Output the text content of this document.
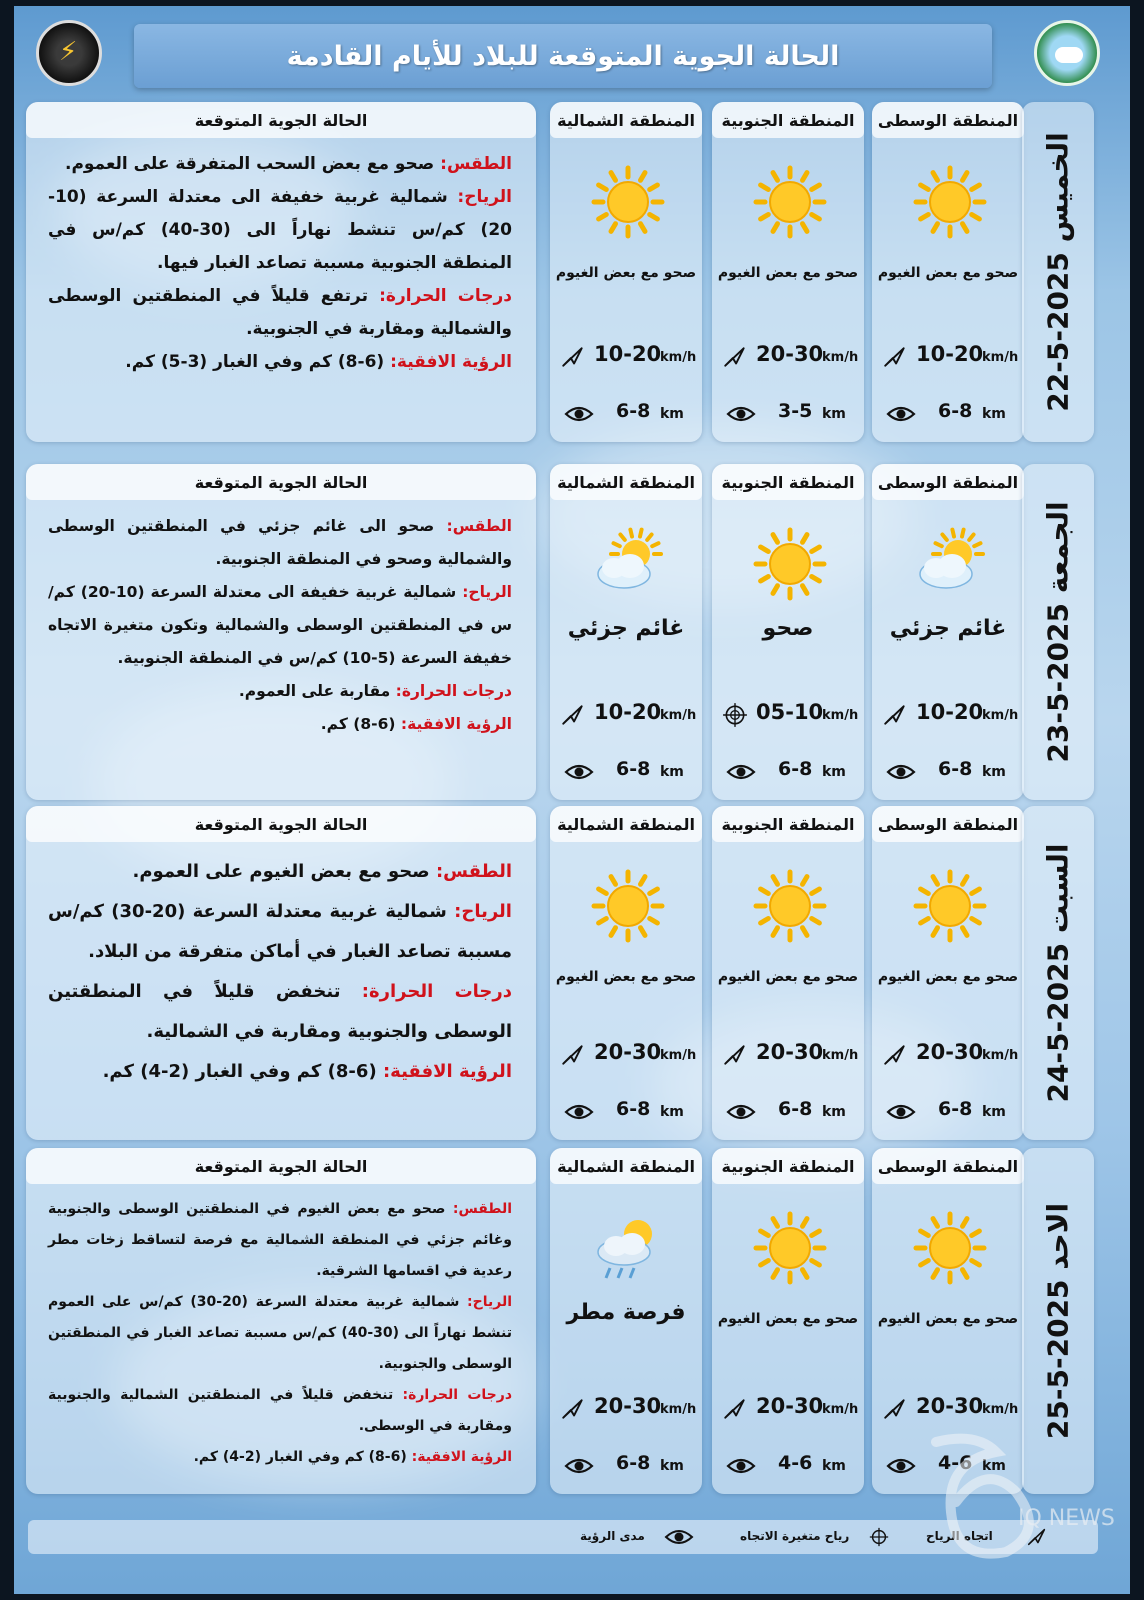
⚡
الحالة الجوية المتوقعة للبلاد للأيام القادمة
الحالة الجوية المتوقعة

الطقس: صحو مع بعض السحب المتفرقة على العموم.

الرياح: شمالية غربية خفيفة الى معتدلة السرعة (10-20) كم/س تنشط نهاراً الى (30-40) كم/س في المنطقة الجنوبية مسببة تصاعد الغبار فيها.

درجات الحرارة: ترتفع قليلاً في المنطقتين الوسطى والشمالية ومقاربة في الجنوبية.

الرؤية الافقية: (6-8) كم وفي الغبار (3-5) كم.

المنطقة الشمالية
صحو مع بعض الغيوم
10-20
km/h
6-8 km
المنطقة الجنوبية
صحو مع بعض الغيوم
20-30
km/h
3-5 km
المنطقة الوسطى
صحو مع بعض الغيوم
10-20
km/h
6-8 km
الخميس 2025-5-22
الحالة الجوية المتوقعة

الطقس: صحو الى غائم جزئي في المنطقتين الوسطى والشمالية وصحو في المنطقة الجنوبية.

الرياح: شمالية غربية خفيفة الى معتدلة السرعة (10-20) كم/س في المنطقتين الوسطى والشمالية وتكون متغيرة الاتجاه خفيفة السرعة (5-10) كم/س في المنطقة الجنوبية.

درجات الحرارة: مقاربة على العموم.

الرؤية الافقية: (6-8) كم.

المنطقة الشمالية
غائم جزئي
10-20
km/h
6-8 km
المنطقة الجنوبية
صحو
05-10
km/h
6-8 km
المنطقة الوسطى
غائم جزئي
10-20
km/h
6-8 km
الجمعة 2025-5-23
الحالة الجوية المتوقعة

الطقس: صحو مع بعض الغيوم على العموم.

الرياح: شمالية غربية معتدلة السرعة (20-30) كم/س مسببة تصاعد الغبار في أماكن متفرقة من البلاد.

درجات الحرارة: تنخفض قليلاً في المنطقتين الوسطى والجنوبية ومقاربة في الشمالية.

الرؤية الافقية: (6-8) كم وفي الغبار (2-4) كم.

المنطقة الشمالية
صحو مع بعض الغيوم
20-30
km/h
6-8 km
المنطقة الجنوبية
صحو مع بعض الغيوم
20-30
km/h
6-8 km
المنطقة الوسطى
صحو مع بعض الغيوم
20-30
km/h
6-8 km
السبت 2025-5-24
الحالة الجوية المتوقعة

الطقس: صحو مع بعض الغيوم في المنطقتين الوسطى والجنوبية وغائم جزئي في المنطقة الشمالية مع فرصة لتساقط زخات مطر رعدية في اقسامها الشرقية.

الرياح: شمالية غربية معتدلة السرعة (20-30) كم/س على العموم تنشط نهاراً الى (30-40) كم/س مسببة تصاعد الغبار في المنطقتين الوسطى والجنوبية.

درجات الحرارة: تنخفض قليلاً في المنطقتين الشمالية والجنوبية ومقاربة في الوسطى.

الرؤية الافقية: (6-8) كم وفي الغبار (2-4) كم.

المنطقة الشمالية
فرصة مطر
20-30
km/h
6-8 km
المنطقة الجنوبية
صحو مع بعض الغيوم
20-30
km/h
4-6 km
المنطقة الوسطى
صحو مع بعض الغيوم
20-30
km/h
4-6 km
الاحد 2025-5-25
اتجاه الرياح
رياح متغيرة الاتجاه
مدى الرؤية
IQ NEWS
